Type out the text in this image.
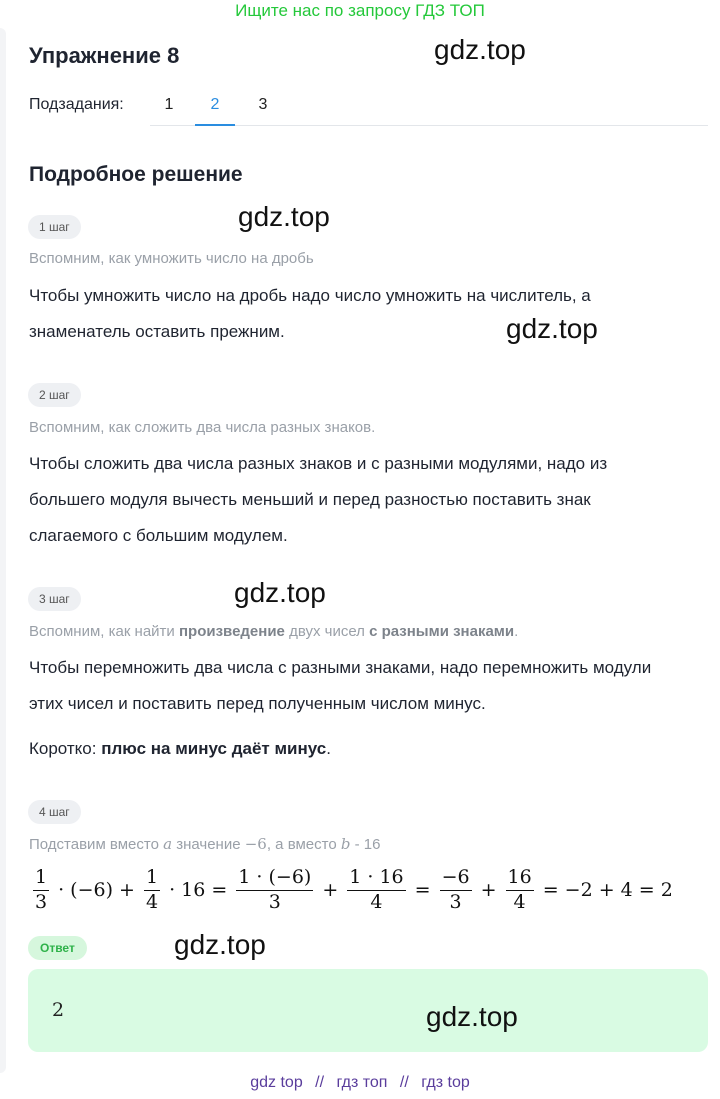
Ищите нас по запросу ГДЗ ТОП
Упражнение 8	gdz.top
Подзадания:	1	2	3
Подробное решение
1 шаг	gdz.top
Вспомним, как умножить число на дробь
Чтобы умножить число на дробь надо число умножить на числитель, а
знаменатель оставить прежним.	gdz.top
2 шаг
Вспомним, как сложить два числа разных знаков.
Чтобы сложить два числа разных знаков и с разными модулями, надо из
большего модуля вычесть меньший и перед разностью поставить знак
слагаемого с большим модулем.
3 шаг	gdz.top
Вспомним, как найти произведение двух чисел с разными знаками.
Чтобы перемножить два числа с разными знаками, надо перемножить модули
этих чисел и поставить перед полученным числом минус.
Коротко: плюс на минус даёт минус.
4 шаг
Подставим вместо a значение −6, а вместо b - 16
$\frac{1}{3} \cdot (-6) + \frac{1}{4} \cdot 16 = \frac{1 \cdot (-6)}{3} + \frac{1 \cdot 16}{4} = \frac{-6}{3} + \frac{16}{4} = -2 + 4 = 2$
Ответ	gdz.top
2	gdz.top
gdz top // гдз топ // гдз top
